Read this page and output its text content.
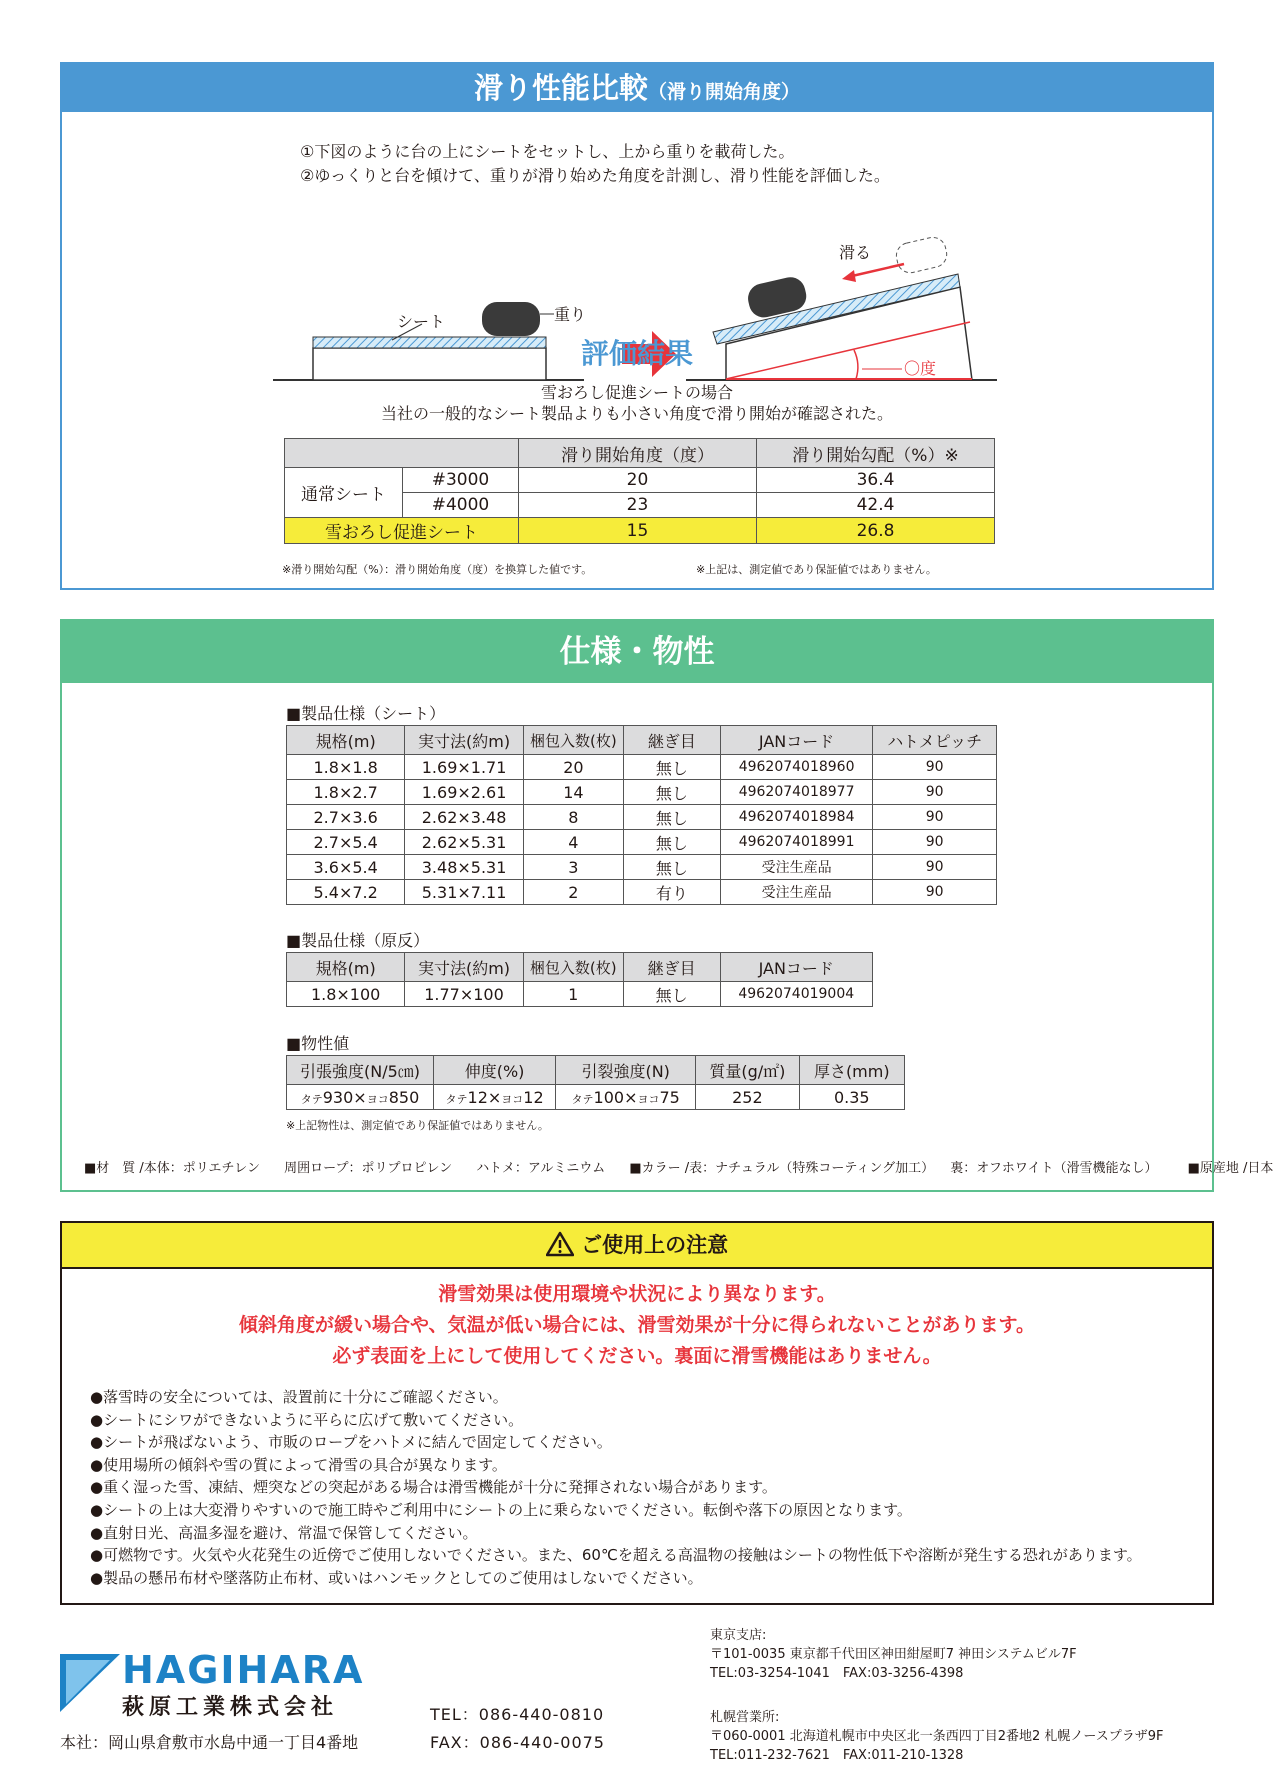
滑り性能比較（滑り開始角度）
①下図のように台の上にシートをセットし、上から重りを載荷した。
②ゆっくりと台を傾けて、重りが滑り始めた角度を計測し、滑り性能を評価した。
シート	重り
滑る
〇度
評価結果
雪おろし促進シートの場合
当社の一般的なシート製品よりも小さい角度で滑り開始が確認された。
		滑り開始角度（度）	滑り開始勾配（%）※
通常シート	#3000	20	36.4
	#4000	23	42.4
雪おろし促進シート		15	26.8
※滑り開始勾配（%）：滑り開始角度（度）を換算した値です。	※上記は、測定値であり保証値ではありません。
仕様・物性
■製品仕様（シート）
規格(m)	実寸法(約m)	梱包入数(枚)	継ぎ目	JANコード	ハトメピッチ
1.8×1.8	1.69×1.71	20	無し	4962074018960	90
1.8×2.7	1.69×2.61	14	無し	4962074018977	90
2.7×3.6	2.62×3.48	8	無し	4962074018984	90
2.7×5.4	2.62×5.31	4	無し	4962074018991	90
3.6×5.4	3.48×5.31	3	無し	受注生産品	90
5.4×7.2	5.31×7.11	2	有り	受注生産品	90
■製品仕様（原反）
規格(m)	実寸法(約m)	梱包入数(枚)	継ぎ目	JANコード
1.8×100	1.77×100	1	無し	4962074019004
■物性値
引張強度(N/5㎝)	伸度(%)	引裂強度(N)	質量(g/㎡)	厚さ(mm)
タテ930×ヨコ850	タテ12×ヨコ12	タテ100×ヨコ75	252	0.35
※上記物性は、測定値であり保証値ではありません。
■材　質 /本体：ポリエチレン 周囲ロープ：ポリプロピレン ハトメ：アルミニウム ■カラー /表：ナチュラル（特殊コーティング加工） 裏：オフホワイト（滑雪機能なし） ■原産地 /日本
ご使用上の注意
滑雪効果は使用環境や状況により異なります。
傾斜角度が緩い場合や、気温が低い場合には、滑雪効果が十分に得られないことがあります。
必ず表面を上にして使用してください。裏面に滑雪機能はありません。
●落雪時の安全については、設置前に十分にご確認ください。
●シートにシワができないように平らに広げて敷いてください。
●シートが飛ばないよう、市販のロープをハトメに結んで固定してください。
●使用場所の傾斜や雪の質によって滑雪の具合が異なります。
●重く湿った雪、凍結、煙突などの突起がある場合は滑雪機能が十分に発揮されない場合があります。
●シートの上は大変滑りやすいので施工時やご利用中にシートの上に乗らないでください。転倒や落下の原因となります。
●直射日光、高温多湿を避け、常温で保管してください。
●可燃物です。火気や火花発生の近傍でご使用しないでください。また、60℃を超える高温物の接触はシートの物性低下や溶断が発生する恐れがあります。
●製品の懸吊布材や墜落防止布材、或いはハンモックとしてのご使用はしないでください。
HAGIHARA
萩原工業株式会社
本社：岡山県倉敷市水島中通一丁目4番地
TEL：086-440-0810
FAX：086-440-0075
東京支店:
〒101-0035 東京都千代田区神田紺屋町7 神田システムビル7F
TEL:03-3254-1041　FAX:03-3256-4398
札幌営業所:
〒060-0001 北海道札幌市中央区北一条西四丁目2番地2 札幌ノースプラザ9F
TEL:011-232-7621　FAX:011-210-1328
